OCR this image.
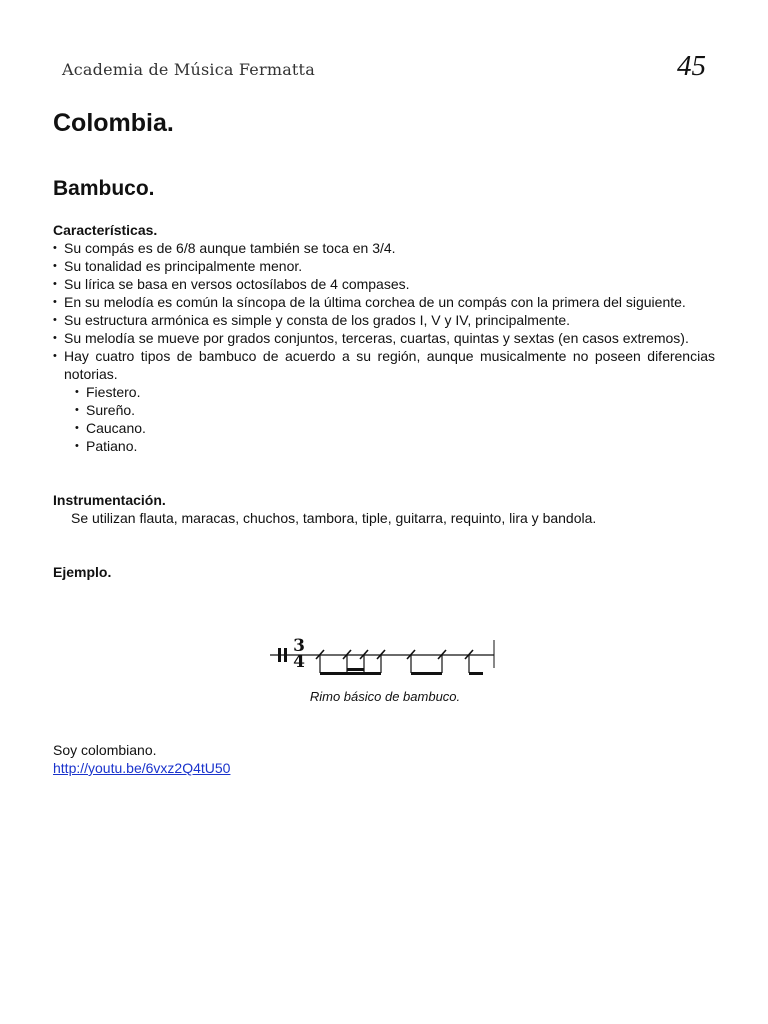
Academia de Música Fermatta	45
Colombia.
Bambuco.
Características.
• Su compás es de 6/8 aunque también se toca en 3/4.
• Su tonalidad es principalmente menor.
• Su lírica se basa en versos octosílabos de 4 compases.
• En su melodía es común la síncopa de la última corchea de un compás con la primera del siguiente.
• Su estructura armónica es simple y consta de los grados I, V y IV, principalmente.
• Su melodía se mueve por grados conjuntos, terceras, cuartas, quintas y sextas (en casos extremos).
• Hay cuatro tipos de bambuco de acuerdo a su región, aunque musicalmente no poseen diferencias notorias.
• Fiestero.
• Sureño.
• Caucano.
• Patiano.
Instrumentación.
Se utilizan flauta, maracas, chuchos, tambora, tiple, guitarra, requinto, lira y bandola.
Ejemplo.
3
4
Rimo básico de bambuco.
Soy colombiano.
http://youtu.be/6vxz2Q4tU50
